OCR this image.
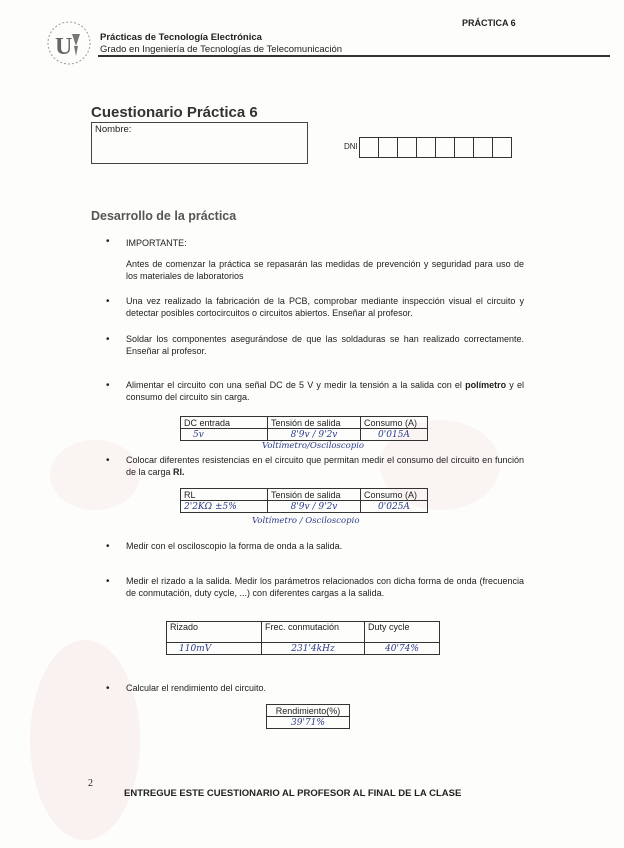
U	Prácticas de Tecnología Electrónica
Grado en Ingeniería de Tecnologías de Telecomunicación
PRÁCTICA 6
Cuestionario Práctica 6
Nombre:
DNI
Desarrollo de la práctica
• IMPORTANTE:
Antes de comenzar la práctica se repasarán las medidas de prevención y seguridad para uso de los materiales de laboratorios
• Una vez realizado la fabricación de la PCB, comprobar mediante inspección visual el circuito y detectar posibles cortocircuitos o circuitos abiertos. Enseñar al profesor.
• Soldar los componentes asegurándose de que las soldaduras se han realizado correctamente. Enseñar al profesor.
• Alimentar el circuito con una señal DC de 5 V y medir la tensión a la salida con el polímetro y el consumo del circuito sin carga.
DC entrada	Tensión de salida	Consumo (A)
5v	8'9v / 9'2v	0'015A
Voltímetro/Osciloscopio
• Colocar diferentes resistencias en el circuito que permitan medir el consumo del circuito en función de la carga Rl.
RL	Tensión de salida	Consumo (A)
2'2KΩ ±5%	8'9v / 9'2v	0'025A
Voltímetro / Osciloscopio
• Medir con el osciloscopio la forma de onda a la salida.
• Medir el rizado a la salida. Medir los parámetros relacionados con dicha forma de onda (frecuencia de conmutación, duty cycle, ...) con diferentes cargas a la salida.
Rizado	Frec. conmutación	Duty cycle
110mV	231'4kHz	40'74%
• Calcular el rendimiento del circuito.
Rendimiento(%)
39'71%
2
ENTREGUE ESTE CUESTIONARIO AL PROFESOR AL FINAL DE LA CLASE
